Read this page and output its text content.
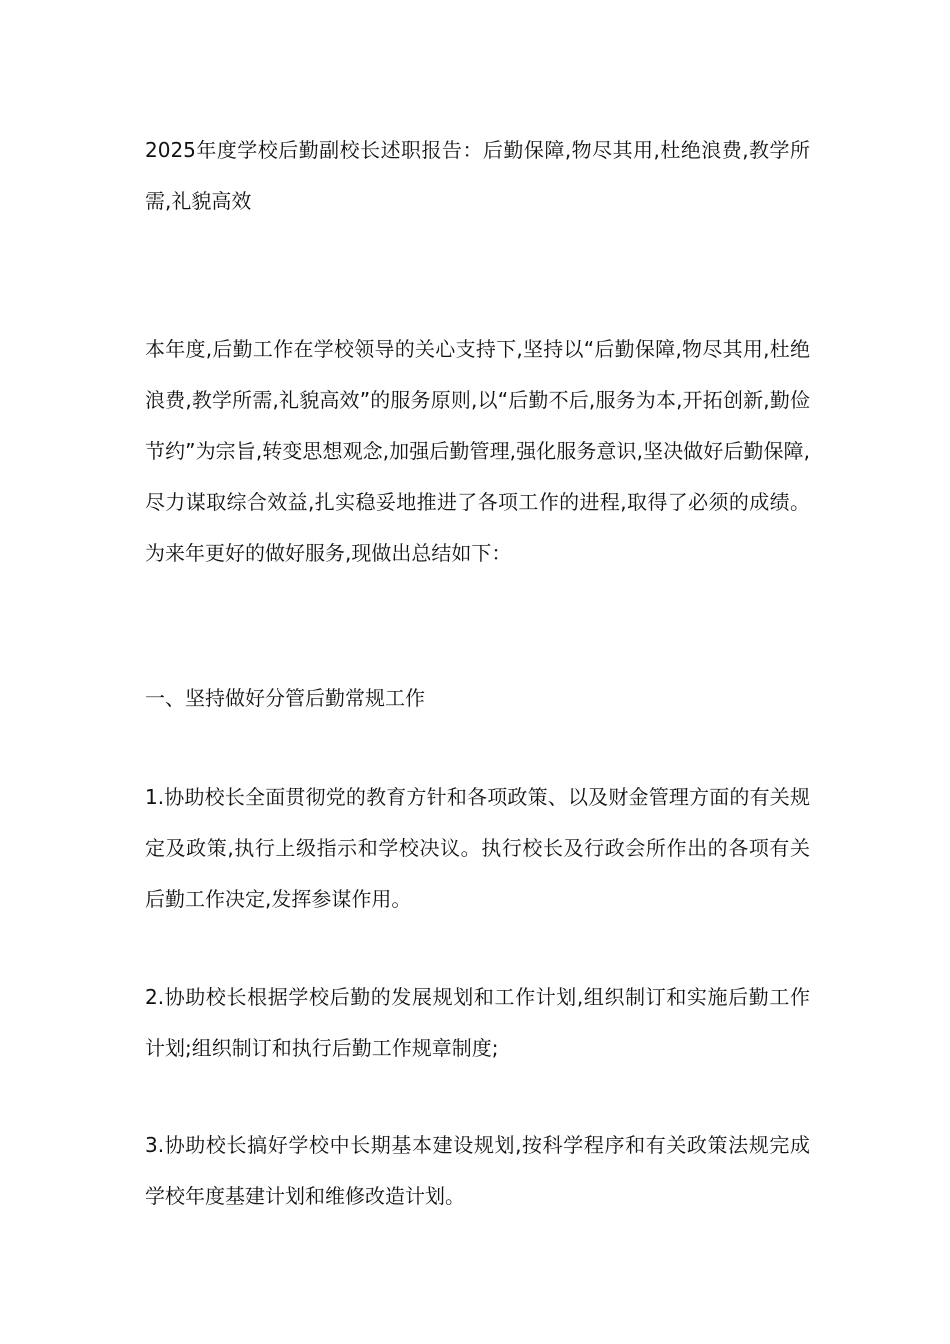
2025年度学校后勤副校长述职报告：后勤保障,物尽其用,杜绝浪费,教学所需,礼貌高效

本年度,后勤工作在学校领导的关心支持下,坚持以“后勤保障,物尽其用,杜绝浪费,教学所需,礼貌高效”的服务原则,以“后勤不后,服务为本,开拓创新,勤俭节约”为宗旨,转变思想观念,加强后勤管理,强化服务意识,坚决做好后勤保障,尽力谋取综合效益,扎实稳妥地推进了各项工作的进程,取得了必须的成绩。为来年更好的做好服务,现做出总结如下：

一、坚持做好分管后勤常规工作

1.协助校长全面贯彻党的教育方针和各项政策、以及财金管理方面的有关规定及政策,执行上级指示和学校决议。执行校长及行政会所作出的各项有关后勤工作决定,发挥参谋作用。

2.协助校长根据学校后勤的发展规划和工作计划,组织制订和实施后勤工作计划;组织制订和执行后勤工作规章制度;

3.协助校长搞好学校中长期基本建设规划,按科学程序和有关政策法规完成学校年度基建计划和维修改造计划。
